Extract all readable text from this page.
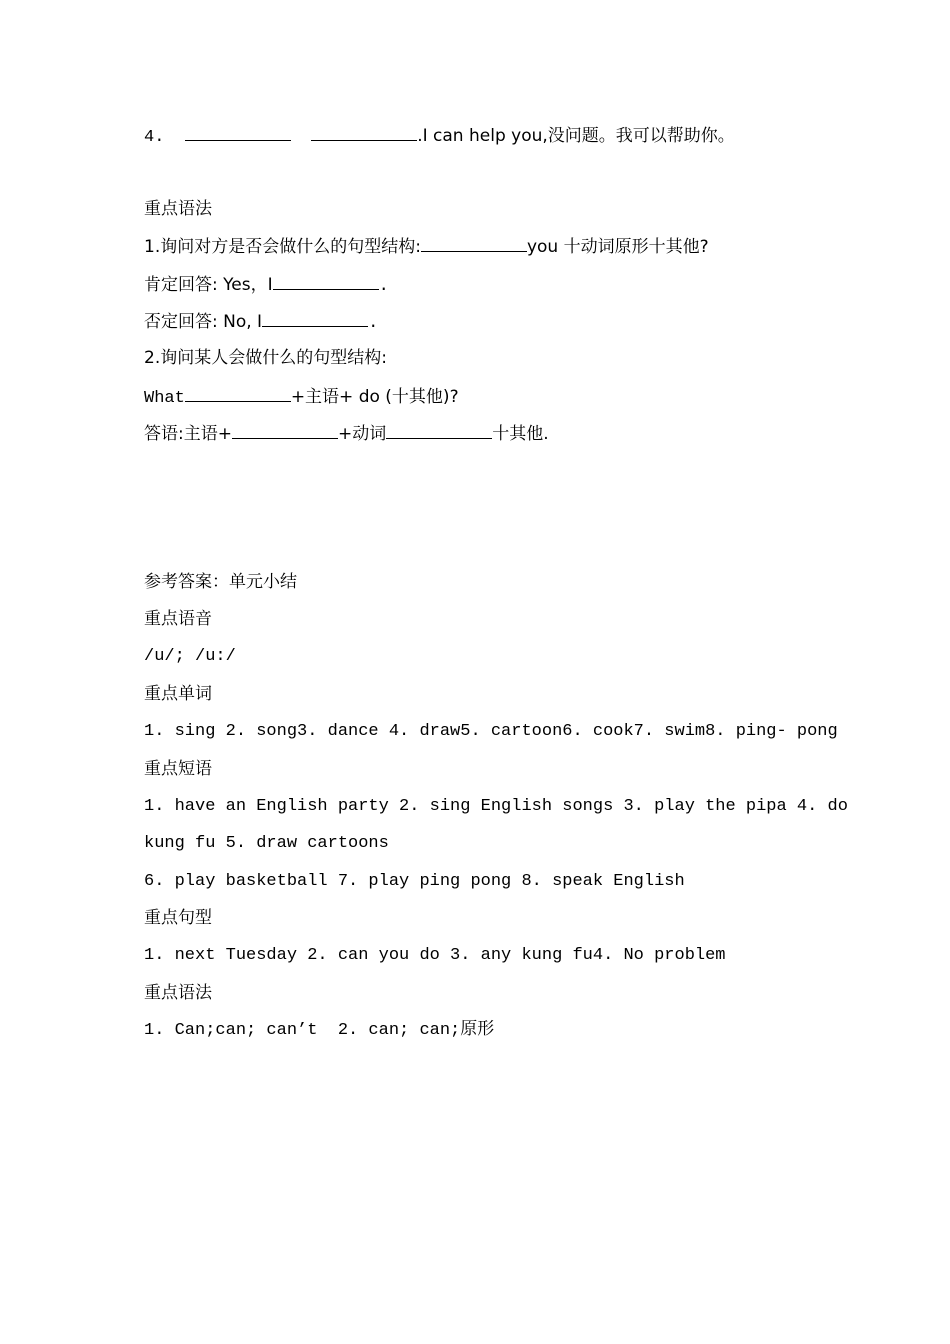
4.	.I can help you,没问题。我可以帮助你。
重点语法
1.询问对方是否会做什么的句型结构:	you 十动词原形十其他?
肯定回答: Yes，I	.
否定回答: No, I	.
2.询问某人会做什么的句型结构:
What	+主语+ do (十其他)?
答语:主语+	+动词	十其他.
参考答案：单元小结
重点语音
/u/; /u:/
重点单词
1. sing 2. song3. dance 4. draw5. cartoon6. cook7. swim8. ping- pong
重点短语
1. have an English party 2. sing English songs 3. play the pipa 4. do
kung fu 5. draw cartoons
6. play basketball 7. play ping pong 8. speak English
重点句型
1. next Tuesday 2. can you do 3. any kung fu4. No problem
重点语法
1. Can;can; can’t  2. can; can;原形
